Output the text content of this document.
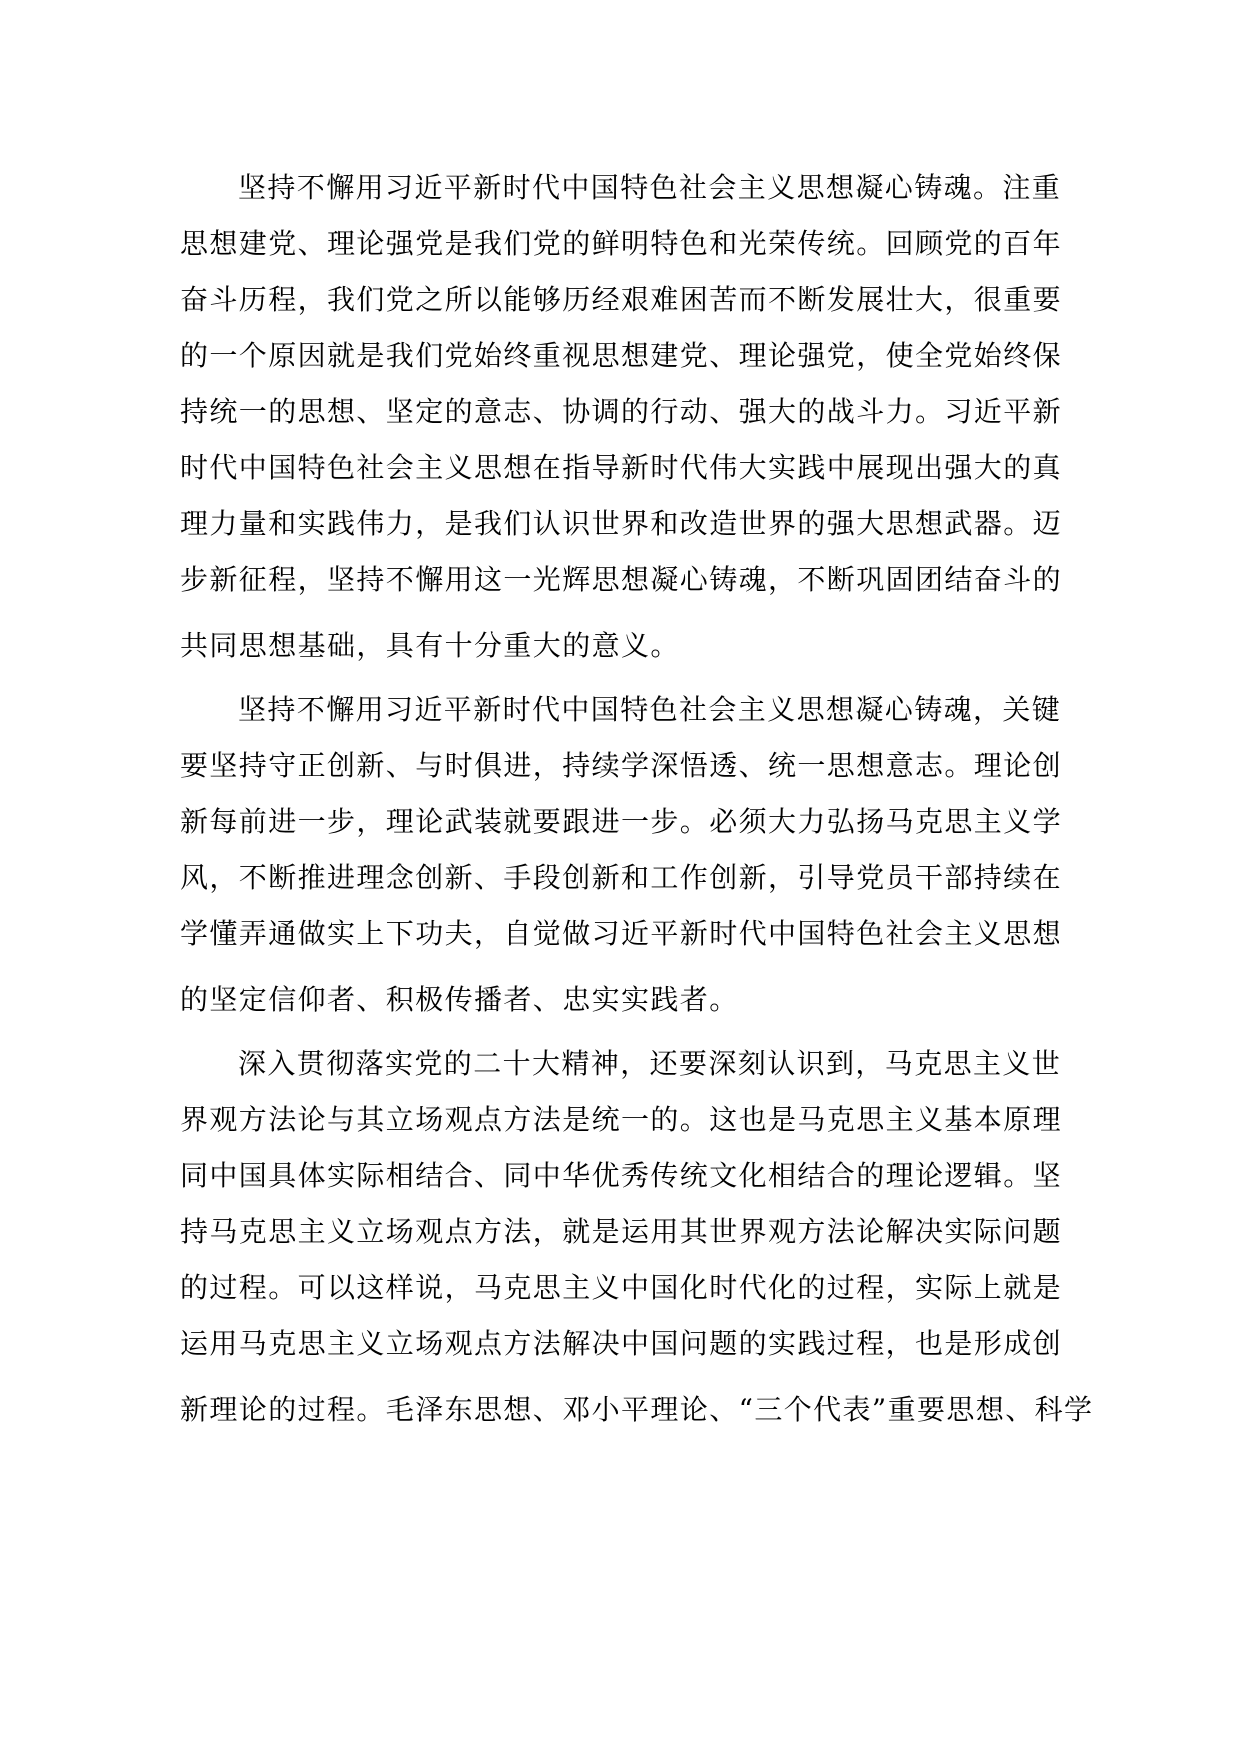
坚持不懈用习近平新时代中国特色社会主义思想凝心铸魂。注重
思想建党、理论强党是我们党的鲜明特色和光荣传统。回顾党的百年
奋斗历程，我们党之所以能够历经艰难困苦而不断发展壮大，很重要
的一个原因就是我们党始终重视思想建党、理论强党，使全党始终保
持统一的思想、坚定的意志、协调的行动、强大的战斗力。习近平新
时代中国特色社会主义思想在指导新时代伟大实践中展现出强大的真
理力量和实践伟力，是我们认识世界和改造世界的强大思想武器。迈
步新征程，坚持不懈用这一光辉思想凝心铸魂，不断巩固团结奋斗的
共同思想基础，具有十分重大的意义。
坚持不懈用习近平新时代中国特色社会主义思想凝心铸魂，关键
要坚持守正创新、与时俱进，持续学深悟透、统一思想意志。理论创
新每前进一步，理论武装就要跟进一步。必须大力弘扬马克思主义学
风，不断推进理念创新、手段创新和工作创新，引导党员干部持续在
学懂弄通做实上下功夫，自觉做习近平新时代中国特色社会主义思想
的坚定信仰者、积极传播者、忠实实践者。
深入贯彻落实党的二十大精神，还要深刻认识到，马克思主义世
界观方法论与其立场观点方法是统一的。这也是马克思主义基本原理
同中国具体实际相结合、同中华优秀传统文化相结合的理论逻辑。坚
持马克思主义立场观点方法，就是运用其世界观方法论解决实际问题
的过程。可以这样说，马克思主义中国化时代化的过程，实际上就是
运用马克思主义立场观点方法解决中国问题的实践过程，也是形成创
新理论的过程。毛泽东思想、邓小平理论、“三个代表”重要思想、科学
